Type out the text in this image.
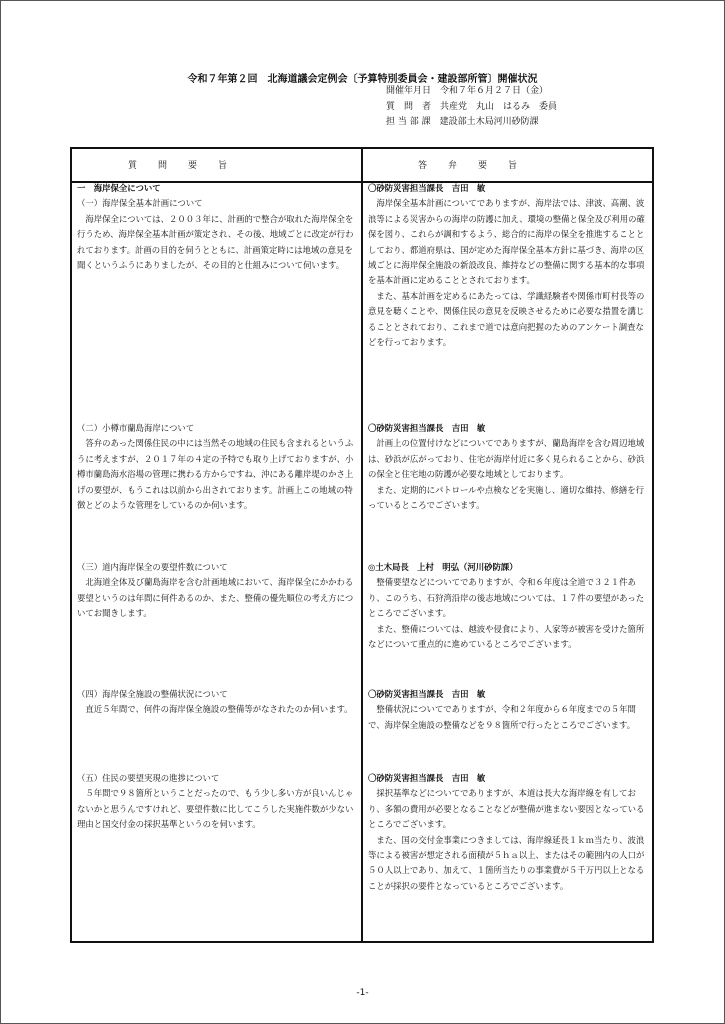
令和７年第２回　北海道議会定例会〔予算特別委員会・建設部所管〕開催状況
開催年月日　令和７年６月２７日（金）
質　問　者　共産党　丸山　はるみ　委員
担 当 部 課　建設部土木局河川砂防課
質　　問　　要　　旨	答　　弁　　要　　旨

一　海岸保全について

（一）海岸保全基本計画について

海岸保全については、２００３年に、計画的で整合が取れた海岸保全を行うため、海岸保全基本計画が策定され、その後、地域ごとに改定が行われております。計画の目的を伺うとともに、計画策定時には地域の意見を聞くというふうにありましたが、その目的と仕組みについて伺います。

〇砂防災害担当課長　吉田　敏

海岸保全基本計画についてでありますが、海岸法では、津波、高潮、波浪等による災害からの海岸の防護に加え、環境の整備と保全及び利用の確保を図り、これらが調和するよう、総合的に海岸の保全を推進することとしており、都道府県は、国が定めた海岸保全基本方針に基づき、海岸の区域ごとに海岸保全施設の新設改良、維持などの整備に関する基本的な事項を基本計画に定めることとされております。

また、基本計画を定めるにあたっては、学識経験者や関係市町村長等の意見を聴くことや、関係住民の意見を反映させるために必要な措置を講じることとされており、これまで道では意向把握のためのアンケート調査などを行っております。

（二）小樽市蘭島海岸について

答弁のあった関係住民の中には当然その地域の住民も含まれるというふうに考えますが、２０１７年の４定の予特でも取り上げておりますが、小樽市蘭島海水浴場の管理に携わる方からですね、沖にある離岸堤のかさ上げの要望が、もうこれは以前から出されております。計画上この地域の特徴とどのような管理をしているのか伺います。

〇砂防災害担当課長　吉田　敏

計画上の位置付けなどについてでありますが、蘭島海岸を含む周辺地域は、砂浜が広がっており、住宅が海岸付近に多く見られることから、砂浜の保全と住宅地の防護が必要な地域としております。

また、定期的にパトロールや点検などを実施し、適切な維持、修繕を行っているところでございます。

（三）道内海岸保全の要望件数について

北海道全体及び蘭島海岸を含む計画地域において、海岸保全にかかわる要望というのは年間に何件あるのか、また、整備の優先順位の考え方についてお聞きします。

◎土木局長　上村　明弘（河川砂防課）

整備要望などについてでありますが、令和６年度は全道で３２１件あり、このうち、石狩湾沿岸の後志地域については、１７件の要望があったところでございます。

また、整備については、越波や侵食により、人家等が被害を受けた箇所などについて重点的に進めているところでございます。

（四）海岸保全施設の整備状況について

直近５年間で、何件の海岸保全施設の整備等がなされたのか伺います。

〇砂防災害担当課長　吉田　敏

整備状況についてでありますが、令和２年度から６年度までの５年間で、海岸保全施設の整備などを９８箇所で行ったところでございます。

（五）住民の要望実現の進捗について

５年間で９８箇所ということだったので、もう少し多い方が良いんじゃないかと思うんですけれど、要望件数に比してこうした実施件数が少ない理由と国交付金の採択基準というのを伺います。

〇砂防災害担当課長　吉田　敏

採択基準などについてでありますが、本道は長大な海岸線を有しており、多額の費用が必要となることなどが整備が進まない要因となっているところでございます。

また、国の交付金事業につきましては、海岸線延長１ｋｍ当たり、波浪等による被害が想定される面積が５ｈａ以上、またはその範囲内の人口が５０人以上であり、加えて、１箇所当たりの事業費が５千万円以上となることが採択の要件となっているところでございます。

-1-
